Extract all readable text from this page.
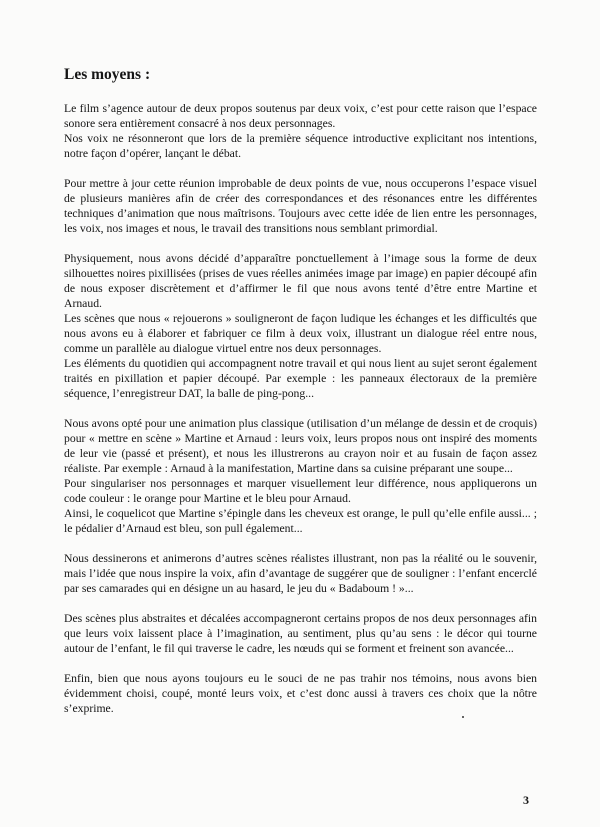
Les moyens :

Le film s’agence autour de deux propos soutenus par deux voix, c’est pour cette raison que l’espace sonore sera entièrement consacré à nos deux personnages.

Nos voix ne résonneront que lors de la première séquence introductive explicitant nos intentions, notre façon d’opérer, lançant le débat.

Pour mettre à jour cette réunion improbable de deux points de vue, nous occuperons l’espace visuel de plusieurs manières afin de créer des correspondances et des résonances entre les différentes techniques d’animation que nous maîtrisons. Toujours avec cette idée de lien entre les personnages, les voix, nos images et nous, le travail des transitions nous semblant primordial.

Physiquement, nous avons décidé d’apparaître ponctuellement à l’image sous la forme de deux silhouettes noires pixillisées (prises de vues réelles animées image par image) en papier découpé afin de nous exposer discrètement et d’affirmer le fil que nous avons tenté d’être entre Martine et Arnaud.

Les scènes que nous « rejouerons » souligneront de façon ludique les échanges et les difficultés que nous avons eu à élaborer et fabriquer ce film à deux voix, illustrant un dialogue réel entre nous, comme un parallèle au dialogue virtuel entre nos deux personnages.

Les éléments du quotidien qui accompagnent notre travail et qui nous lient au sujet seront également traités en pixillation et papier découpé. Par exemple : les panneaux électoraux de la première séquence, l’enregistreur DAT, la balle de ping-pong...

Nous avons opté pour une animation plus classique (utilisation d’un mélange de dessin et de croquis) pour « mettre en scène » Martine et Arnaud : leurs voix, leurs propos nous ont inspiré des moments de leur vie (passé et présent), et nous les illustrerons au crayon noir et au fusain de façon assez réaliste. Par exemple : Arnaud à la manifestation, Martine dans sa cuisine préparant une soupe...

Pour singulariser nos personnages et marquer visuellement leur différence, nous appliquerons un code couleur : le orange pour Martine et le bleu pour Arnaud.

Ainsi, le coquelicot que Martine s’épingle dans les cheveux est orange, le pull qu’elle enfile aussi... ; le pédalier d’Arnaud est bleu, son pull également...

Nous dessinerons et animerons d’autres scènes réalistes illustrant, non pas la réalité ou le souvenir, mais l’idée que nous inspire la voix, afin d’avantage de suggérer que de souligner : l’enfant encerclé par ses camarades qui en désigne un au hasard, le jeu du « Badaboum ! »...

Des scènes plus abstraites et décalées accompagneront certains propos de nos deux personnages afin que leurs voix laissent place à l’imagination, au sentiment, plus qu’au sens : le décor qui tourne autour de l’enfant, le fil qui traverse le cadre, les nœuds qui se forment et freinent son avancée...

Enfin, bien que nous ayons toujours eu le souci de ne pas trahir nos témoins, nous avons bien évidemment choisi, coupé, monté leurs voix, et c’est donc aussi à travers ces choix que la nôtre s’exprime.

3
